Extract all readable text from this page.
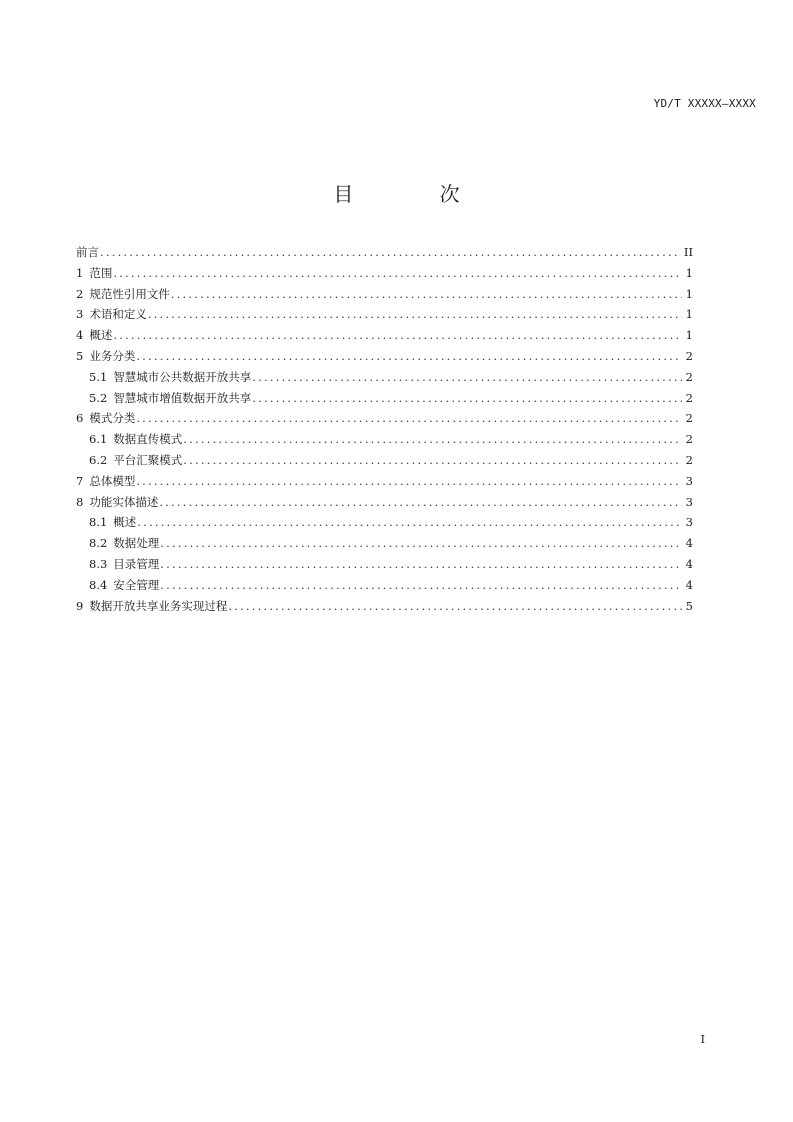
YD/T XXXXX—XXXX
目 次
前言 .....	II
1 范围 .....	1
2 规范性引用文件 .....	1
3 术语和定义 .....	1
4 概述 .....	1
5 业务分类 .....	2
5.1 智慧城市公共数据开放共享 .....	2
5.2 智慧城市增值数据开放共享 .....	2
6 模式分类 .....	2
6.1 数据直传模式 .....	2
6.2 平台汇聚模式 .....	2
7 总体模型 .....	3
8 功能实体描述 .....	3
8.1 概述 .....	3
8.2 数据处理 .....	4
8.3 目录管理 .....	4
8.4 安全管理 .....	4
9 数据开放共享业务实现过程 .....	5
I
